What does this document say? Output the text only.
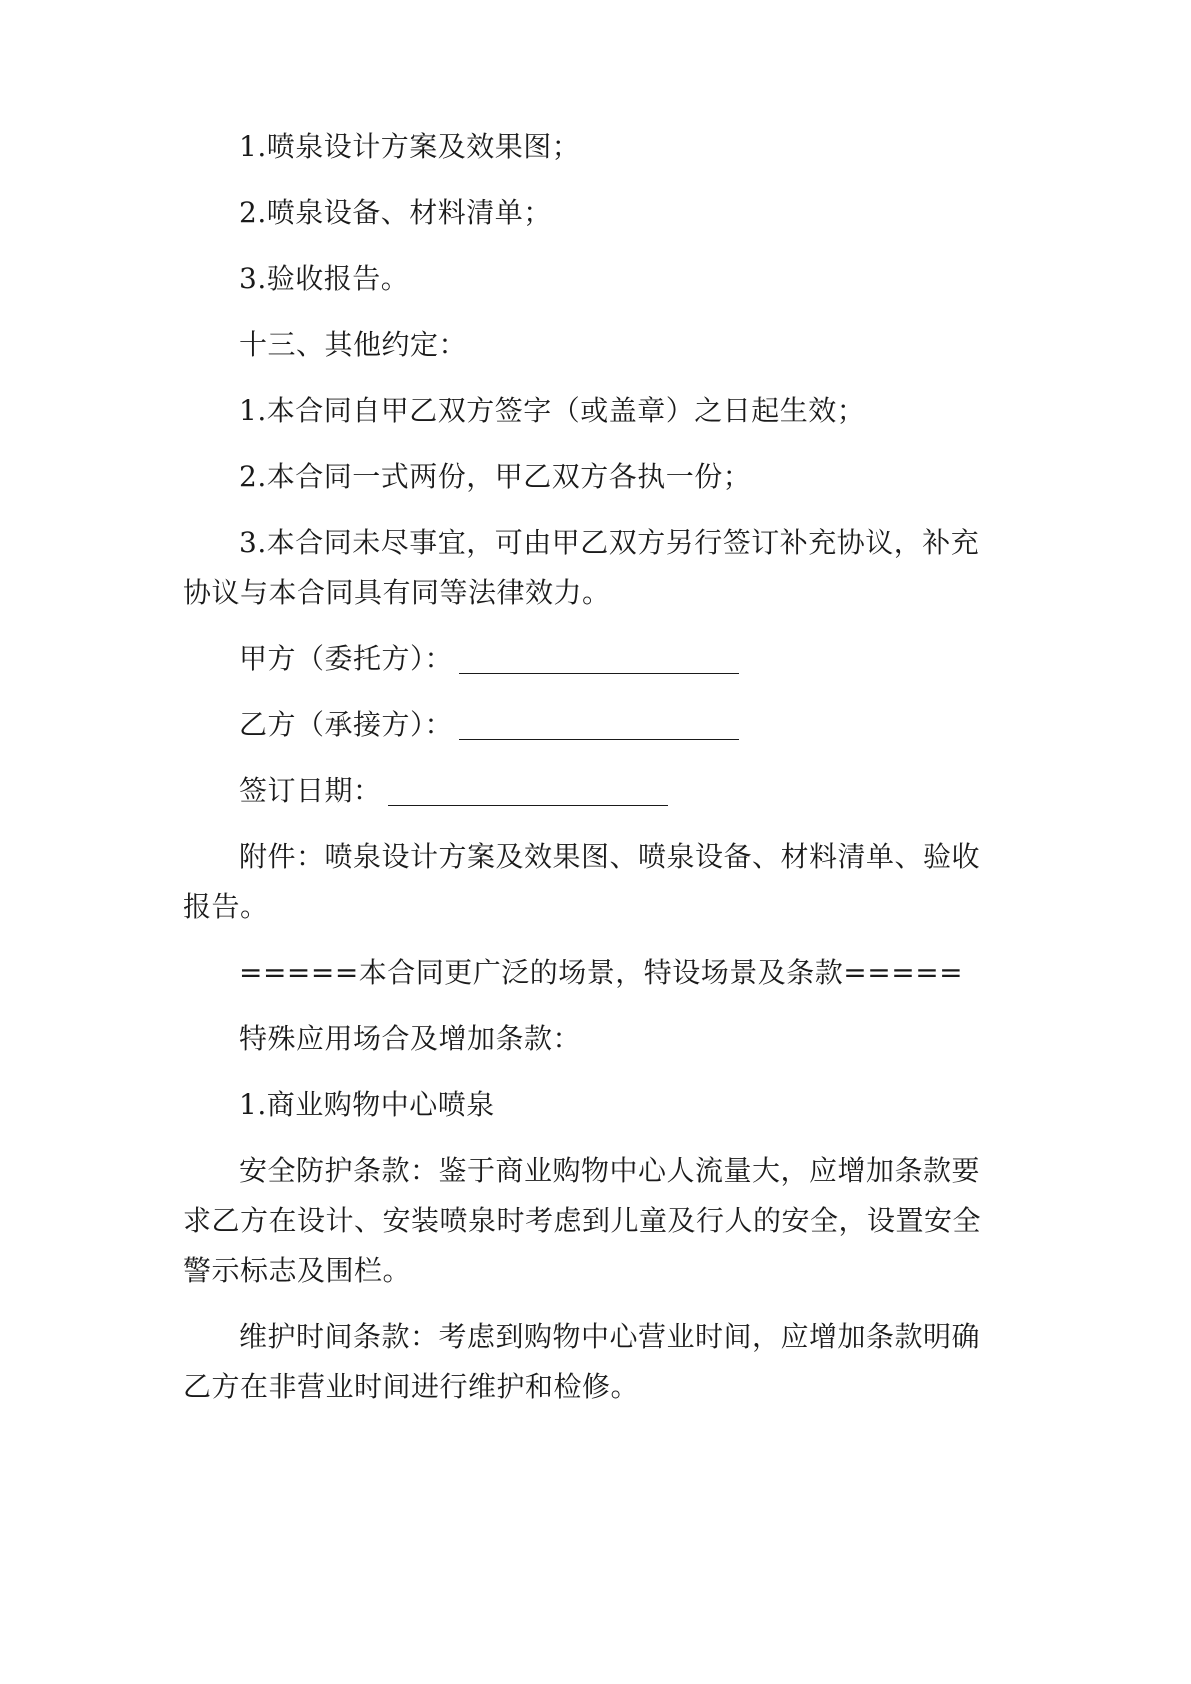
1.喷泉设计方案及效果图；

2.喷泉设备、材料清单；

3.验收报告。

十三、其他约定：

1.本合同自甲乙双方签字（或盖章）之日起生效；

2.本合同一式两份，甲乙双方各执一份；

3.本合同未尽事宜，可由甲乙双方另行签订补充协议，补充协议与本合同具有同等法律效力。

甲方（委托方）：

乙方（承接方）：

签订日期：

附件：喷泉设计方案及效果图、喷泉设备、材料清单、验收报告。

=====本合同更广泛的场景，特设场景及条款=====

特殊应用场合及增加条款：

1.商业购物中心喷泉

安全防护条款：鉴于商业购物中心人流量大，应增加条款要求乙方在设计、安装喷泉时考虑到儿童及行人的安全，设置安全警示标志及围栏。

维护时间条款：考虑到购物中心营业时间，应增加条款明确乙方在非营业时间进行维护和检修。
